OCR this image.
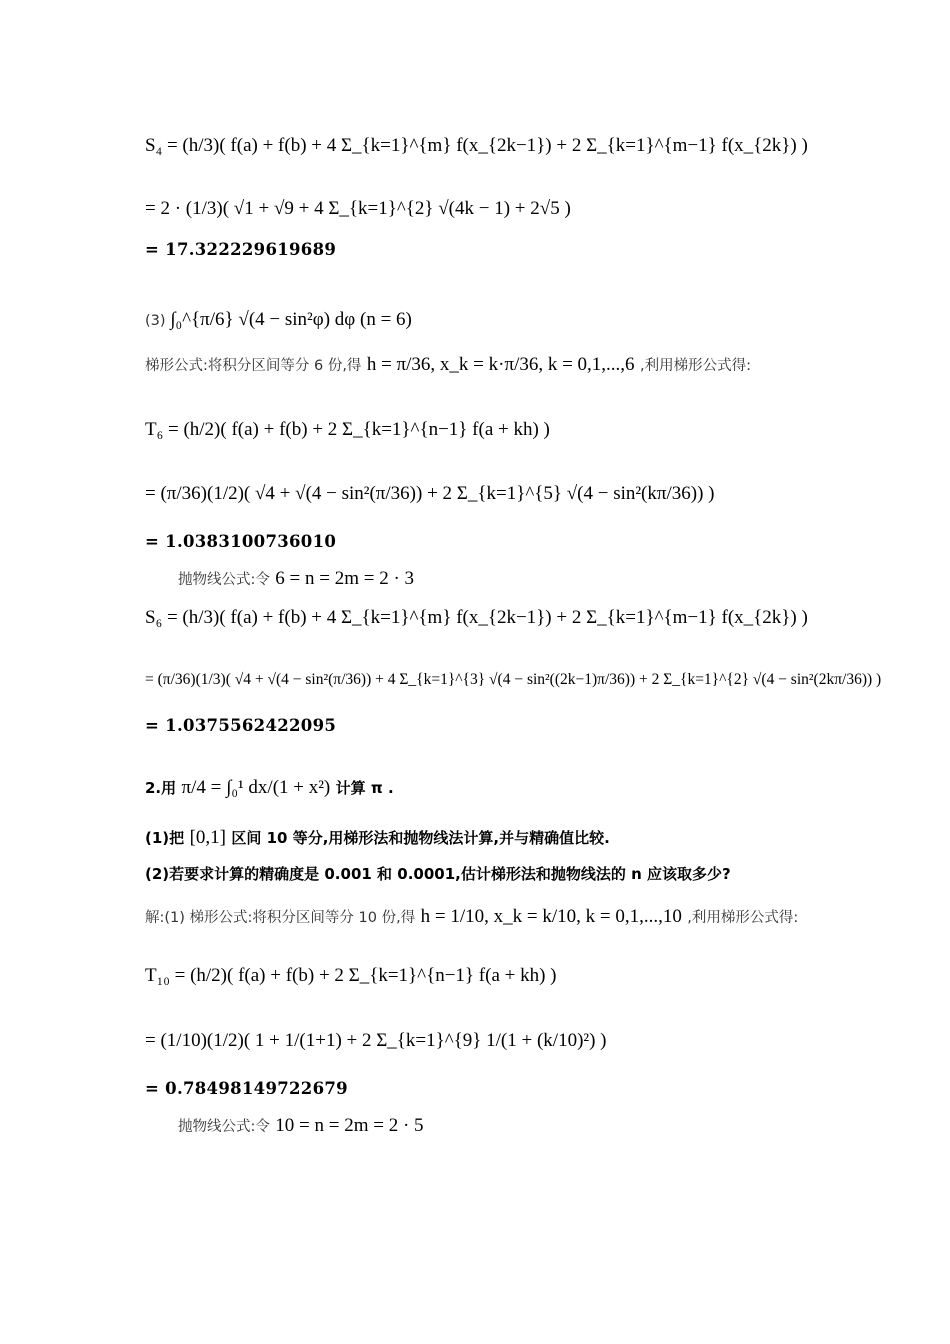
S₄ = (h/3)( f(a) + f(b) + 4 Σ_{k=1}^{m} f(x_{2k−1}) + 2 Σ_{k=1}^{m−1} f(x_{2k}) )
= 2 · (1/3)( √1 + √9 + 4 Σ_{k=1}^{2} √(4k − 1) + 2√5 )
= 17.322229619689
(3) ∫₀^{π/6} √(4 − sin²φ) dφ (n = 6)
梯形公式:将积分区间等分 6 份,得 h = π/36, x_k = k·π/36, k = 0,1,...,6 ,利用梯形公式得:
T₆ = (h/2)( f(a) + f(b) + 2 Σ_{k=1}^{n−1} f(a + kh) )
= (π/36)(1/2)( √4 + √(4 − sin²(π/36)) + 2 Σ_{k=1}^{5} √(4 − sin²(kπ/36)) )
= 1.0383100736010
抛物线公式:令 6 = n = 2m = 2 · 3
S₆ = (h/3)( f(a) + f(b) + 4 Σ_{k=1}^{m} f(x_{2k−1}) + 2 Σ_{k=1}^{m−1} f(x_{2k}) )
= (π/36)(1/3)( √4 + √(4 − sin²(π/36)) + 4 Σ_{k=1}^{3} √(4 − sin²((2k−1)π/36)) + 2 Σ_{k=1}^{2} √(4 − sin²(2kπ/36)) )
= 1.0375562422095
2.用 π/4 = ∫₀¹ dx/(1 + x²) 计算 π .
(1)把 [0,1] 区间 10 等分,用梯形法和抛物线法计算,并与精确值比较.
(2)若要求计算的精确度是 0.001 和 0.0001,估计梯形法和抛物线法的 n 应该取多少?
解:(1) 梯形公式:将积分区间等分 10 份,得 h = 1/10, x_k = k/10, k = 0,1,...,10 ,利用梯形公式得:
T₁₀ = (h/2)( f(a) + f(b) + 2 Σ_{k=1}^{n−1} f(a + kh) )
= (1/10)(1/2)( 1 + 1/(1+1) + 2 Σ_{k=1}^{9} 1/(1 + (k/10)²) )
= 0.78498149722679
抛物线公式:令 10 = n = 2m = 2 · 5
